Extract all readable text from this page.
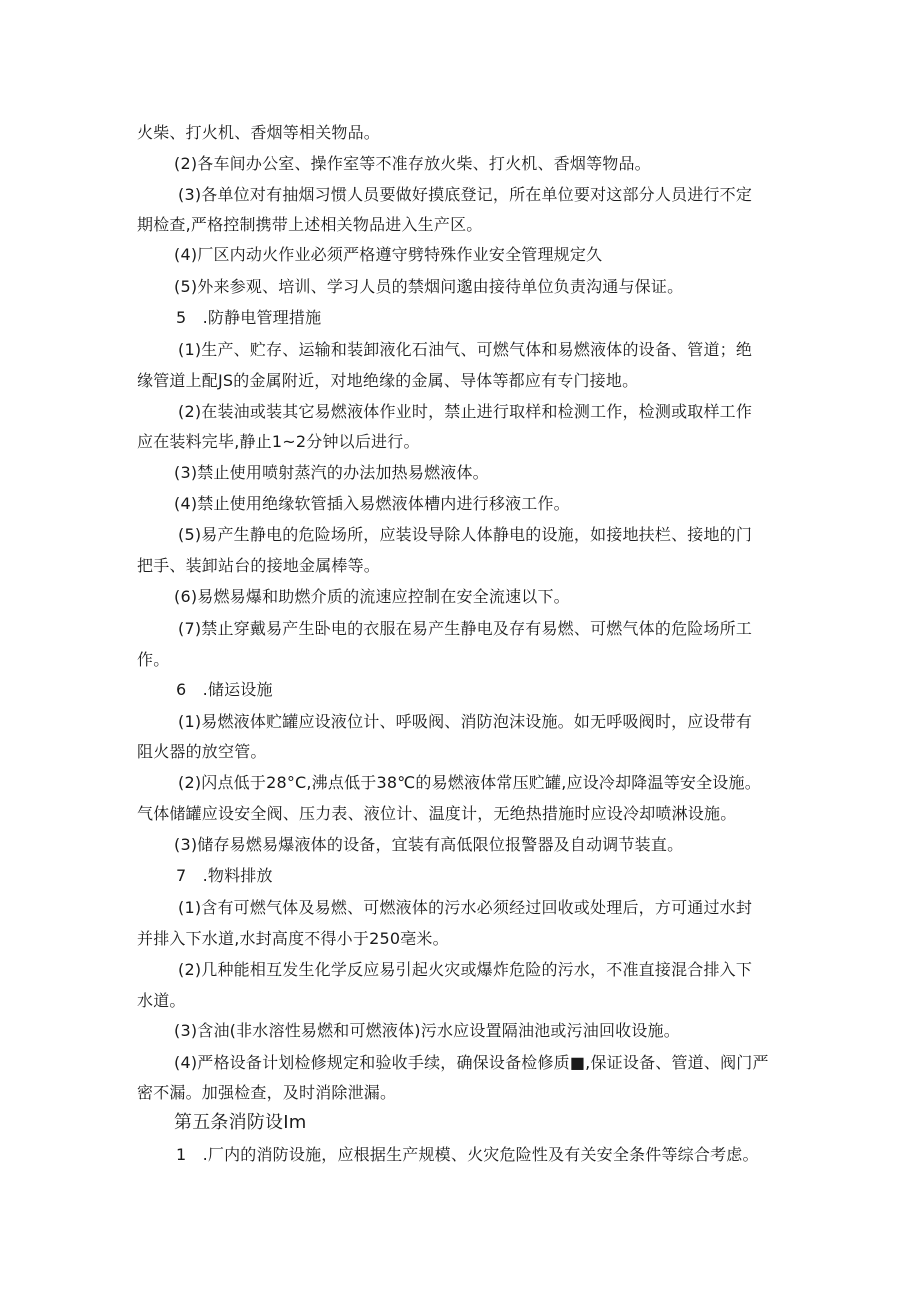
火柴、打火机、香烟等相关物品。
(2)各车间办公室、操作室等不准存放火柴、打火机、香烟等物品。
(3)各单位对有抽烟习惯人员要做好摸底登记，所在单位要对这部分人员进行不定
期检查,严格控制携带上述相关物品进入生产区。
(4)厂区内动火作业必须严格遵守劈特殊作业安全管理规定久
(5)外来参观、培训、学习人员的禁烟问邈由接待单位负责沟通与保证。
5　.防静电管理措施
(1)生产、贮存、运输和装卸液化石油气、可燃气体和易燃液体的设备、管道；绝
缘管道上配JS的金属附近，对地绝缘的金属、导体等都应有专门接地。
(2)在装油或装其它易燃液体作业时，禁止进行取样和检测工作，检测或取样工作
应在装料完毕,静止1~2分钟以后进行。
(3)禁止使用喷射蒸汽的办法加热易燃液体。
(4)禁止使用绝缘软管插入易燃液体槽内进行移液工作。
(5)易产生静电的危险场所，应装设导除人体静电的设施，如接地扶栏、接地的门
把手、装卸站台的接地金属棒等。
(6)易燃易爆和助燃介质的流速应控制在安全流速以下。
(7)禁止穿戴易产生卧电的衣服在易产生静电及存有易燃、可燃气体的危险场所工
作。
6　.储运设施
(1)易燃液体贮罐应设液位计、呼吸阀、消防泡沫设施。如无呼吸阀时，应设带有
阻火器的放空管。
(2)闪点低于28°C,沸点低于38℃的易燃液体常压贮罐,应设冷却降温等安全设施。
气体储罐应设安全阀、压力表、液位计、温度计，无绝热措施时应设冷却喷淋设施。
(3)储存易燃易爆液体的设备，宜装有高低限位报警器及自动调节装直。
7　.物料排放
(1)含有可燃气体及易燃、可燃液体的污水必须经过回收或处理后，方可通过水封
并排入下水道,水封高度不得小于250亳米。
(2)几种能相互发生化学反应易引起火灾或爆炸危险的污水，不准直接混合排入下
水道。
(3)含油(非水溶性易燃和可燃液体)污水应设置隔油池或污油回收设施。
(4)严格设备计划检修规定和验收手续，确保设备检修质■,保证设备、管道、阀门严
密不漏。加强检查，及时消除泄漏。
第五条消防设Im
1　.厂内的消防设施，应根据生产规模、火灾危险性及有关安全条件等综合考虑。
